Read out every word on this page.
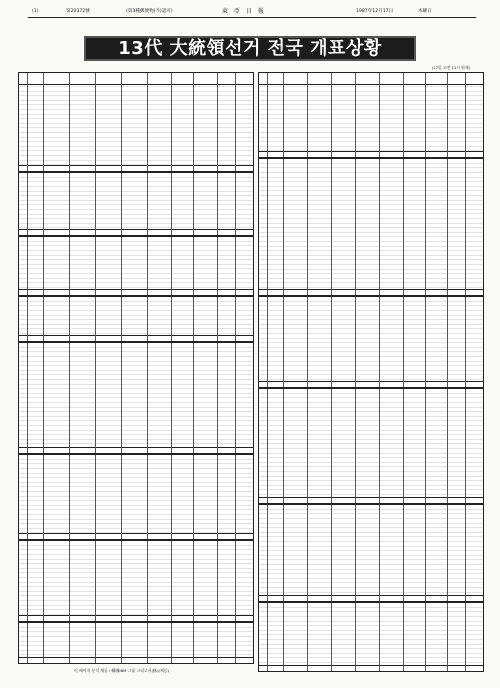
(1)	第20372號	(第3種郵便物(가)認可)	東 亞 日 報	1987年12月17日	木曜日
13代 大統領선거 전국 개표상황
(17일 오전 11시 현재)
이 페이지 분석 제공 : 韓國IBM 그룹 그리고서(株)(제공)
